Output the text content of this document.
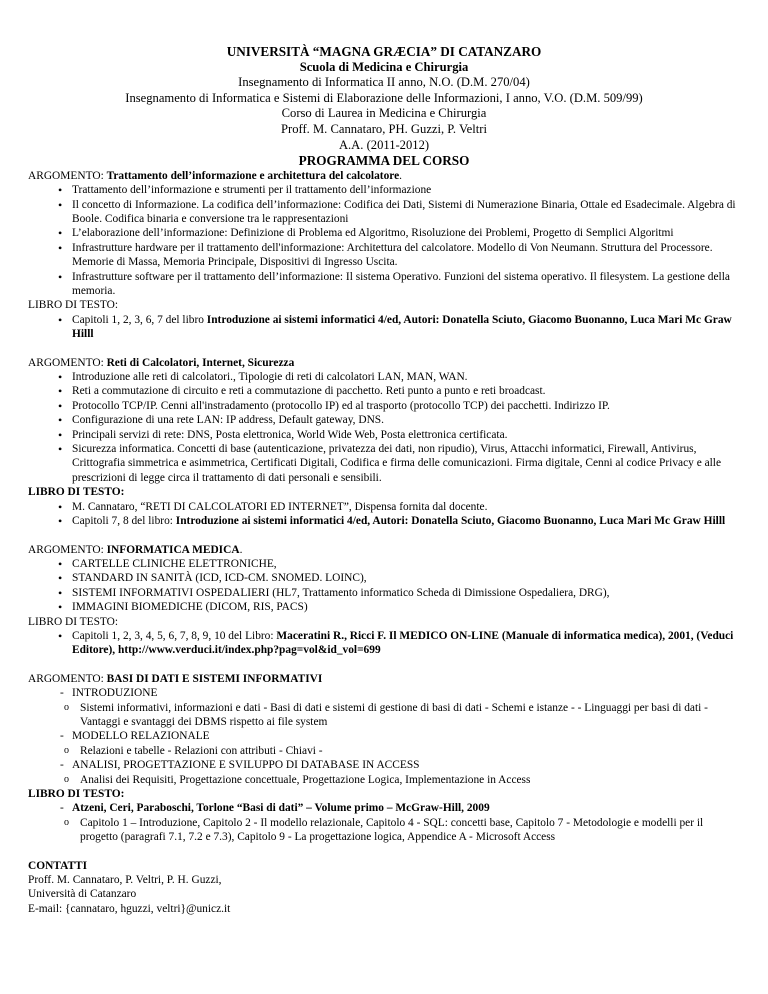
UNIVERSITÀ “MAGNA GRÆCIA” DI CATANZARO
Scuola di Medicina e Chirurgia
Insegnamento di Informatica II anno, N.O. (D.M. 270/04)
Insegnamento di Informatica e Sistemi di Elaborazione delle Informazioni, I anno, V.O. (D.M. 509/99)
Corso di Laurea in Medicina e Chirurgia
Proff. M. Cannataro, PH. Guzzi, P. Veltri
A.A. (2011-2012)
PROGRAMMA DEL CORSO
ARGOMENTO: Trattamento dell’informazione e architettura del calcolatore.
• Trattamento dell’informazione e strumenti per il trattamento dell’informazione
• Il concetto di Informazione. La codifica dell’informazione: Codifica dei Dati, Sistemi di Numerazione Binaria, Ottale ed Esadecimale. Algebra di Boole. Codifica binaria e conversione tra le rappresentazioni
• L’elaborazione dell’informazione: Definizione di Problema ed Algoritmo, Risoluzione dei Problemi, Progetto di Semplici Algoritmi
• Infrastrutture hardware per il trattamento dell'informazione: Architettura del calcolatore. Modello di Von Neumann. Struttura del Processore. Memorie di Massa, Memoria Principale, Dispositivi di Ingresso Uscita.
• Infrastrutture software per il trattamento dell’informazione: Il sistema Operativo. Funzioni del sistema operativo. Il filesystem. La gestione della memoria.
LIBRO DI TESTO:
• Capitoli 1, 2, 3, 6, 7 del libro Introduzione ai sistemi informatici 4/ed, Autori: Donatella Sciuto, Giacomo Buonanno, Luca Mari Mc Graw Hilll
ARGOMENTO: Reti di Calcolatori, Internet, Sicurezza
• Introduzione alle reti di calcolatori., Tipologie di reti di calcolatori LAN, MAN, WAN.
• Reti a commutazione di circuito e reti a commutazione di pacchetto. Reti punto a punto e reti broadcast.
• Protocollo TCP/IP. Cenni all'instradamento (protocollo IP) ed al trasporto (protocollo TCP) dei pacchetti. Indirizzo IP.
• Configurazione di una rete LAN: IP address, Default gateway, DNS.
• Principali servizi di rete: DNS, Posta elettronica, World Wide Web, Posta elettronica certificata.
• Sicurezza informatica. Concetti di base (autenticazione, privatezza dei dati, non ripudio), Virus, Attacchi informatici, Firewall, Antivirus, Crittografia simmetrica e asimmetrica, Certificati Digitali, Codifica e firma delle comunicazioni. Firma digitale, Cenni al codice Privacy e alle prescrizioni di legge circa il trattamento di dati personali e sensibili.
LIBRO DI TESTO:
• M. Cannataro, “RETI DI CALCOLATORI ED INTERNET”, Dispensa fornita dal docente.
• Capitoli 7, 8 del libro: Introduzione ai sistemi informatici 4/ed, Autori: Donatella Sciuto, Giacomo Buonanno, Luca Mari Mc Graw Hilll
ARGOMENTO: INFORMATICA MEDICA.
• CARTELLE CLINICHE ELETTRONICHE,
• STANDARD IN SANITÀ (ICD, ICD-CM. SNOMED. LOINC),
• SISTEMI INFORMATIVI OSPEDALIERI (HL7, Trattamento informatico Scheda di Dimissione Ospedaliera, DRG),
• IMMAGINI BIOMEDICHE (DICOM, RIS, PACS)
LIBRO DI TESTO:
• Capitoli 1, 2, 3, 4, 5, 6, 7, 8, 9, 10 del Libro: Maceratini R., Ricci F. Il MEDICO ON-LINE (Manuale di informatica medica), 2001, (Veduci Editore), http://www.verduci.it/index.php?pag=vol&id_vol=699
ARGOMENTO: BASI DI DATI E SISTEMI INFORMATIVI
- INTRODUZIONE
o Sistemi informativi, informazioni e dati - Basi di dati e sistemi di gestione di basi di dati - Schemi e istanze - - Linguaggi per basi di dati - Vantaggi e svantaggi dei DBMS rispetto ai file system
- MODELLO RELAZIONALE
o Relazioni e tabelle - Relazioni con attributi - Chiavi -
- ANALISI, PROGETTAZIONE E SVILUPPO DI DATABASE IN ACCESS
o Analisi dei Requisiti, Progettazione concettuale, Progettazione Logica, Implementazione in Access
LIBRO DI TESTO:
- Atzeni, Ceri, Paraboschi, Torlone “Basi di dati” – Volume primo – McGraw-Hill, 2009
o Capitolo 1 – Introduzione, Capitolo 2 - Il modello relazionale, Capitolo 4 - SQL: concetti base, Capitolo 7 - Metodologie e modelli per il progetto (paragrafi 7.1, 7.2 e 7.3), Capitolo 9 - La progettazione logica, Appendice A - Microsoft Access
CONTATTI
Proff. M. Cannataro, P. Veltri, P. H. Guzzi,
Università di Catanzaro
E-mail: {cannataro, hguzzi, veltri}@unicz.it
